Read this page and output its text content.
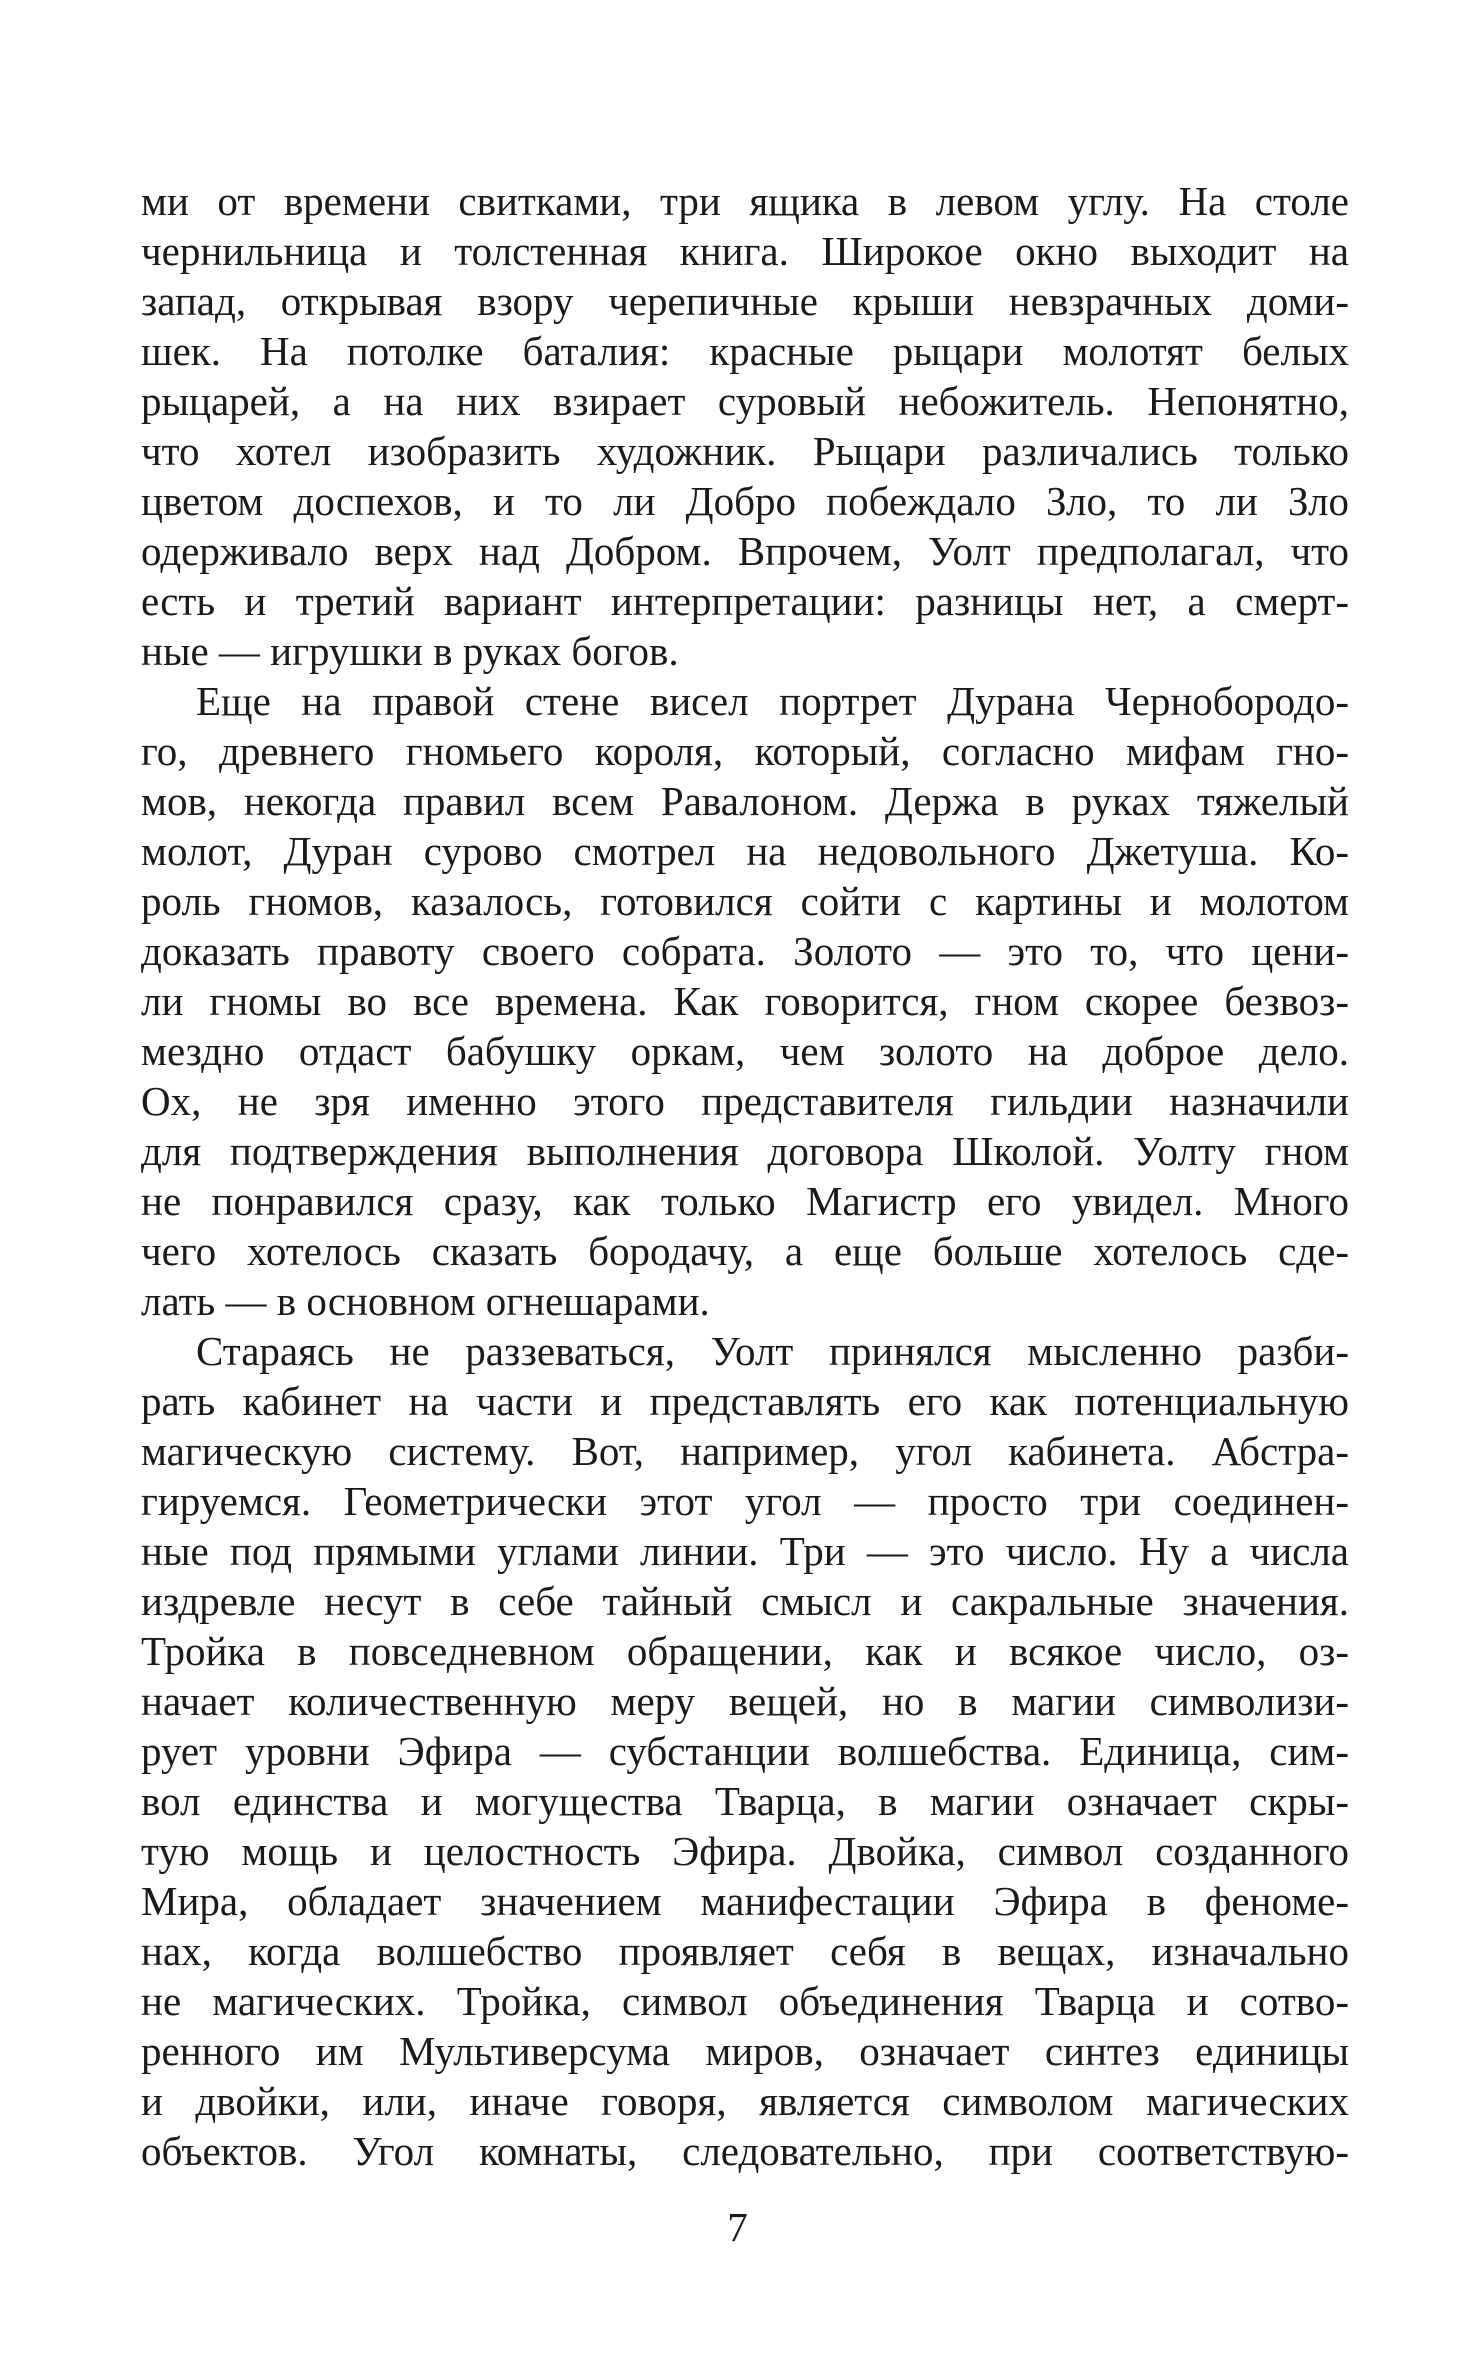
ми от времени свитками, три ящика в левом углу. На столе
чернильница и толстенная книга. Широкое окно выходит на
запад, открывая взору черепичные крыши невзрачных доми-
шек. На потолке баталия: красные рыцари молотят белых
рыцарей, а на них взирает суровый небожитель. Непонятно,
что хотел изобразить художник. Рыцари различались только
цветом доспехов, и то ли Добро побеждало Зло, то ли Зло
одерживало верх над Добром. Впрочем, Уолт предполагал, что
есть и третий вариант интерпретации: разницы нет, а смерт-
ные — игрушки в руках богов.
Еще на правой стене висел портрет Дурана Чернобородо-
го, древнего гномьего короля, который, согласно мифам гно-
мов, некогда правил всем Равалоном. Держа в руках тяжелый
молот, Дуран сурово смотрел на недовольного Джетуша. Ко-
роль гномов, казалось, готовился сойти с картины и молотом
доказать правоту своего собрата. Золото — это то, что цени-
ли гномы во все времена. Как говорится, гном скорее безвоз-
мездно отдаст бабушку оркам, чем золото на доброе дело.
Ох, не зря именно этого представителя гильдии назначили
для подтверждения выполнения договора Школой. Уолту гном
не понравился сразу, как только Магистр его увидел. Много
чего хотелось сказать бородачу, а еще больше хотелось сде-
лать — в основном огнешарами.
Стараясь не раззеваться, Уолт принялся мысленно разби-
рать кабинет на части и представлять его как потенциальную
магическую систему. Вот, например, угол кабинета. Абстра-
гируемся. Геометрически этот угол — просто три соединен-
ные под прямыми углами линии. Три — это число. Ну а числа
издревле несут в себе тайный смысл и сакральные значения.
Тройка в повседневном обращении, как и всякое число, оз-
начает количественную меру вещей, но в магии символизи-
рует уровни Эфира — субстанции волшебства. Единица, сим-
вол единства и могущества Тварца, в магии означает скры-
тую мощь и целостность Эфира. Двойка, символ созданного
Мира, обладает значением манифестации Эфира в феноме-
нах, когда волшебство проявляет себя в вещах, изначально
не магических. Тройка, символ объединения Тварца и сотво-
ренного им Мультиверсума миров, означает синтез единицы
и двойки, или, иначе говоря, является символом магических
объектов. Угол комнаты, следовательно, при соответствую-
7
